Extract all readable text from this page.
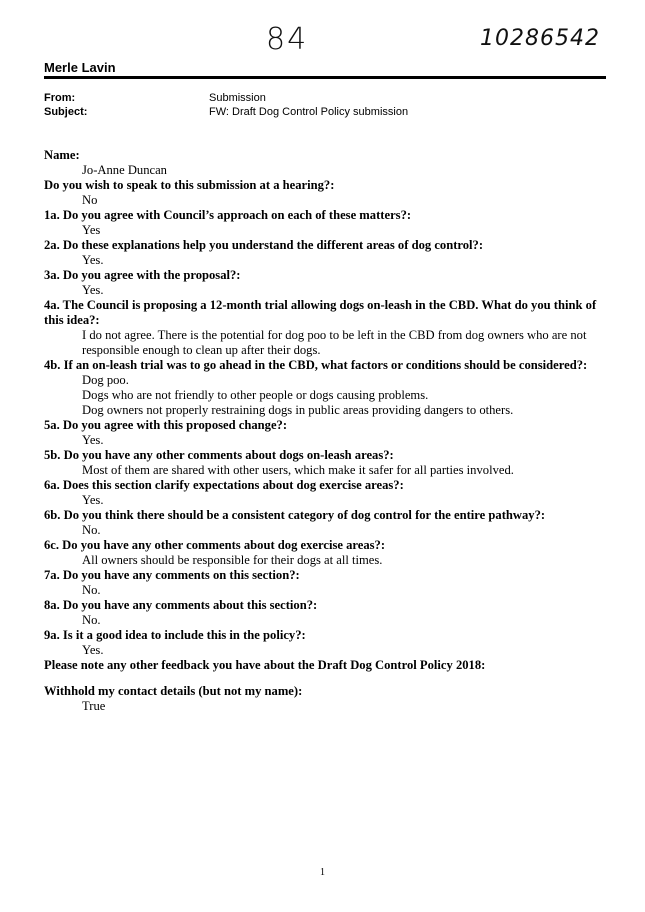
84	10286542
Merle Lavin
From:	Submission
Subject:	FW: Draft Dog Control Policy submission
Name:

Jo-Anne Duncan

Do you wish to speak to this submission at a hearing?:

No

1a. Do you agree with Council’s approach on each of these matters?:

Yes

2a. Do these explanations help you understand the different areas of dog control?:

Yes.

3a. Do you agree with the proposal?:

Yes.

4a. The Council is proposing a 12-month trial allowing dogs on-leash in the CBD. What do you think of this idea?:

I do not agree. There is the potential for dog poo to be left in the CBD from dog owners who are not responsible enough to clean up after their dogs.

4b. If an on-leash trial was to go ahead in the CBD, what factors or conditions should be considered?:

Dog poo.

Dogs who are not friendly to other people or dogs causing problems.

Dog owners not properly restraining dogs in public areas providing dangers to others.

5a. Do you agree with this proposed change?:

Yes.

5b. Do you have any other comments about dogs on-leash areas?:

Most of them are shared with other users, which make it safer for all parties involved.

6a. Does this section clarify expectations about dog exercise areas?:

Yes.

6b. Do you think there should be a consistent category of dog control for the entire pathway?:

No.

6c. Do you have any other comments about dog exercise areas?:

All owners should be responsible for their dogs at all times.

7a. Do you have any comments on this section?:

No.

8a. Do you have any comments about this section?:

No.

9a. Is it a good idea to include this in the policy?:

Yes.

Please note any other feedback you have about the Draft Dog Control Policy 2018:
Withhold my contact details (but not my name):

True

1
